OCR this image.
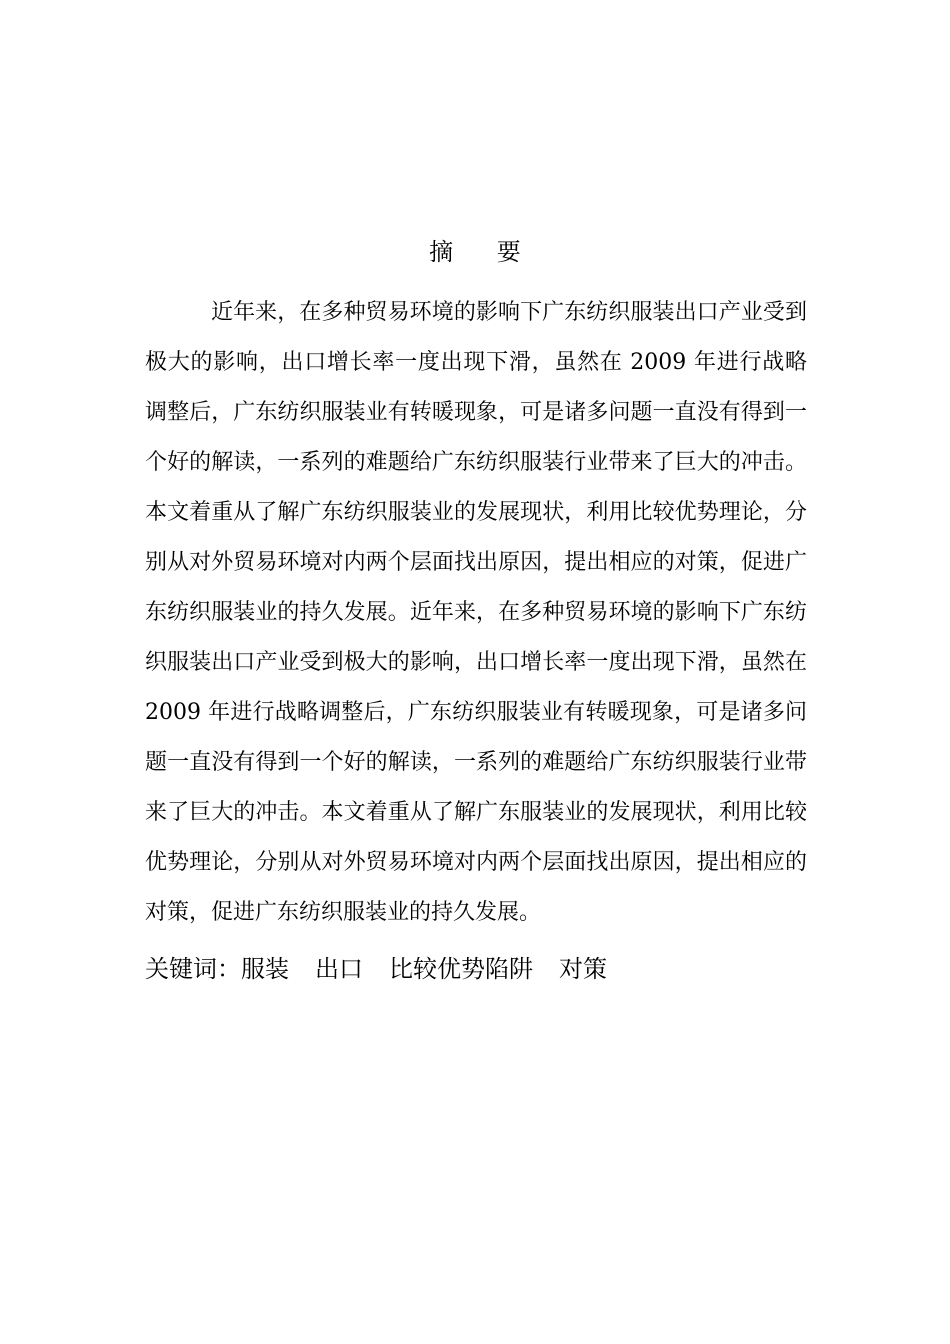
摘 要

近年来，在多种贸易环境的影响下广东纺织服装出口产业受到极大的影响，出口增长率一度出现下滑，虽然在 2009 年进行战略调整后，广东纺织服装业有转暖现象，可是诸多问题一直没有得到一个好的解读，一系列的难题给广东纺织服装行业带来了巨大的冲击。本文着重从了解广东纺织服装业的发展现状，利用比较优势理论，分别从对外贸易环境对内两个层面找出原因，提出相应的对策，促进广东纺织服装业的持久发展。近年来，在多种贸易环境的影响下广东纺织服装出口产业受到极大的影响，出口增长率一度出现下滑，虽然在 2009 年进行战略调整后，广东纺织服装业有转暖现象，可是诸多问题一直没有得到一个好的解读，一系列的难题给广东纺织服装行业带来了巨大的冲击。本文着重从了解广东服装业的发展现状，利用比较优势理论，分别从对外贸易环境对内两个层面找出原因，提出相应的对策，促进广东纺织服装业的持久发展。

关键词：服装 出口 比较优势陷阱 对策
